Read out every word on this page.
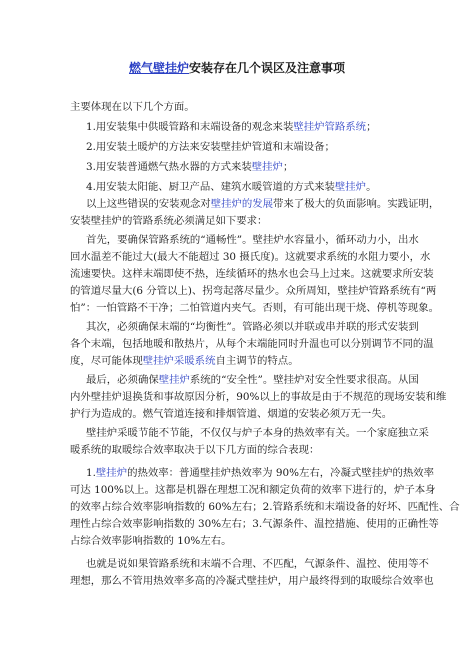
燃气壁挂炉安装存在几个误区及注意事项
主要体现在以下几个方面。
1.用安装集中供暖管路和末端设备的观念来装壁挂炉管路系统；
2.用安装土暖炉的方法来安装壁挂炉管道和末端设备；
3.用安装普通燃气热水器的方式来装壁挂炉；
4.用安装太阳能、厨卫产品、建筑水暖管道的方式来装壁挂炉。
以上这些错误的安装观念对壁挂炉的发展带来了极大的负面影响。实践证明，
安装壁挂炉的管路系统必须满足如下要求：
首先，要确保管路系统的“通畅性”。壁挂炉水容量小，循环动力小，出水
回水温差不能过大(最大不能超过 30 摄氏度)。这就要求系统的水阻力要小，水
流速要快。这样末端即使不热，连续循环的热水也会马上过来。这就要求所安装
的管道尽量大(6 分管以上)、拐弯起落尽量少。众所周知，壁挂炉管路系统有“两
怕”：一怕管路不干净；二怕管道内夹气。否则，有可能出现干烧、停机等现象。
其次，必须确保末端的“均衡性”。管路必须以并联或串并联的形式安装到
各个末端，包括地暖和散热片，从每个末端能同时升温也可以分别调节不同的温
度，尽可能体现壁挂炉采暖系统自主调节的特点。
最后，必须确保壁挂炉系统的“安全性”。壁挂炉对安全性要求很高。从国
内外壁挂炉退换货和事故原因分析，90%以上的事故是由于不规范的现场安装和维
护行为造成的。燃气管道连接和排烟管道、烟道的安装必须万无一失。
壁挂炉采暖节能不节能，不仅仅与炉子本身的热效率有关。一个家庭独立采
暖系统的取暖综合效率取决于以下几方面的综合表现：
1.壁挂炉的热效率：普通壁挂炉热效率为 90%左右，冷凝式壁挂炉的热效率
可达 100%以上。这都是机器在理想工况和额定负荷的效率下进行的，炉子本身
的效率占综合效率影响指数的 60%左右；2.管路系统和末端设备的好坏、匹配性、合
理性占综合效率影响指数的 30%左右；3.气源条件、温控措施、使用的正确性等
占综合效率影响指数的 10%左右。
也就是说如果管路系统和末端不合理、不匹配，气源条件、温控、使用等不
理想，那么不管用热效率多高的冷凝式壁挂炉，用户最终得到的取暖综合效率也
